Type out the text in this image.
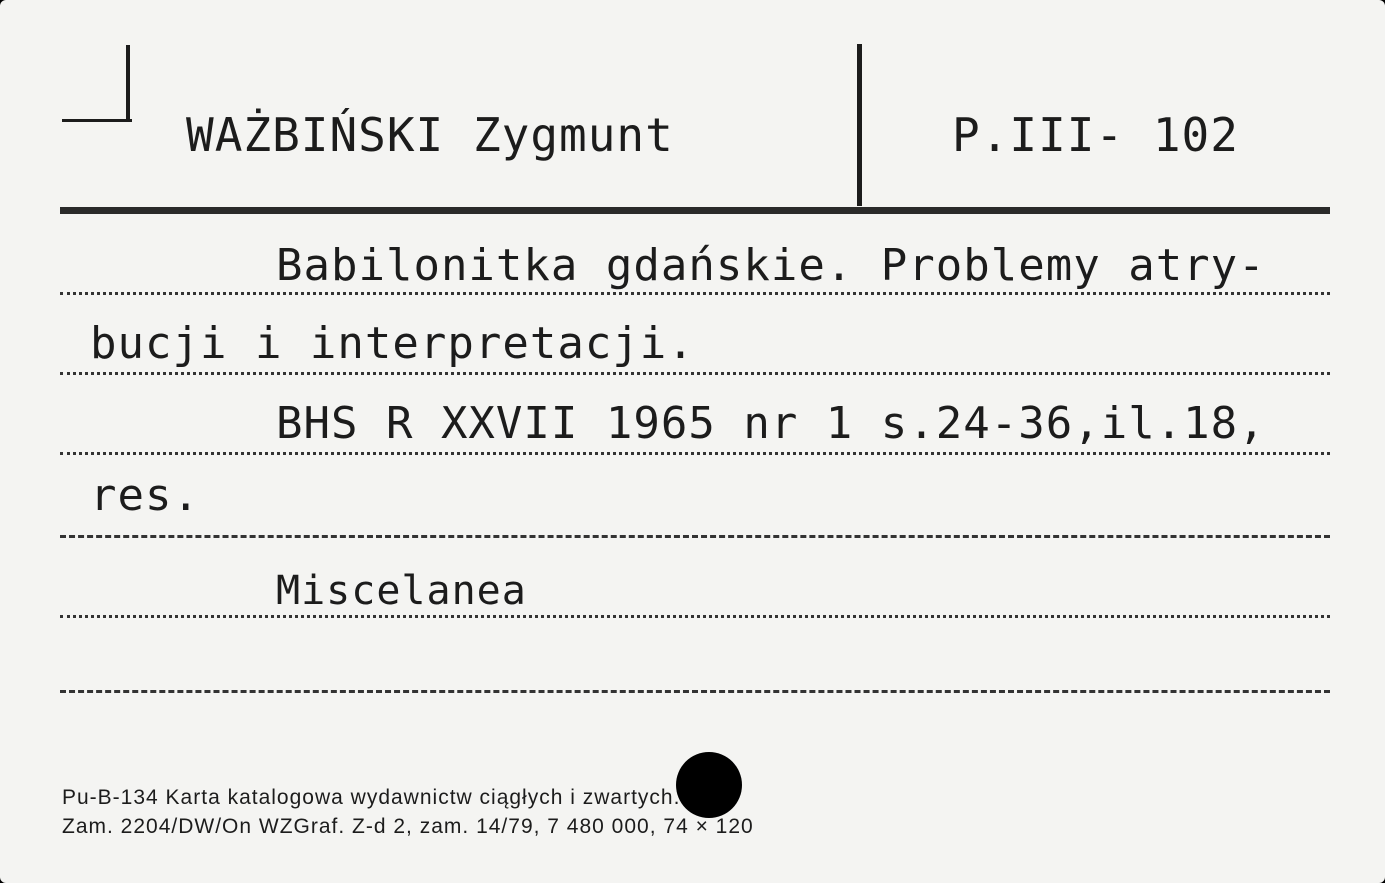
WAŻBIŃSKI Zygmunt	P.III- 102
Babilonitka gdańskie. Problemy atry-
bucji i interpretacji.
BHS R XXVII 1965 nr 1 s.24-36,il.18,
res.
Miscelanea
Pu-B-134 Karta katalogowa wydawnictw ciągłych i zwartych.
Zam. 2204/DW/On WZGraf. Z-d 2, zam. 14/79, 7 480 000, 74 × 120
